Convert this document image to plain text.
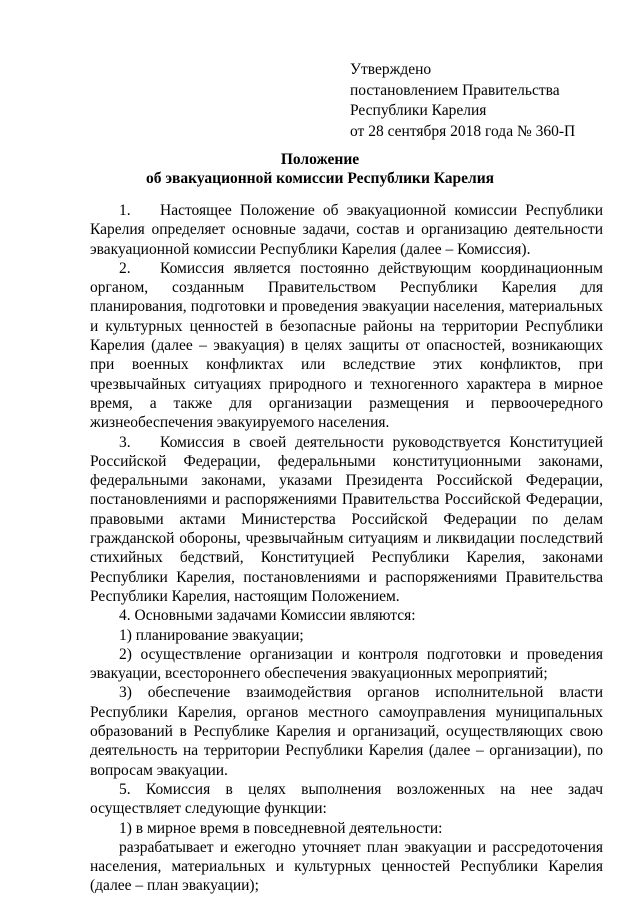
Утверждено
постановлением Правительства
Республики Карелия
от 28 сентября 2018 года № 360-П
Положение
об эвакуационной комиссии Республики Карелия

1. Настоящее Положение об эвакуационной комиссии Республики Карелия определяет основные задачи, состав и организацию деятельности эвакуационной комиссии Республики Карелия (далее – Комиссия).

2. Комиссия является постоянно действующим координационным органом, созданным Правительством Республики Карелия для планирования, подготовки и проведения эвакуации населения, материальных и культурных ценностей в безопасные районы на территории Республики Карелия (далее – эвакуация) в целях защиты от опасностей, возникающих при военных конфликтах или вследствие этих конфликтов, при чрезвычайных ситуациях природного и техногенного характера в мирное время, а также для организации размещения и первоочередного жизнеобеспечения эвакуируемого населения.

3. Комиссия в своей деятельности руководствуется Конституцией Российской Федерации, федеральными конституционными законами, федеральными законами, указами Президента Российской Федерации, постановлениями и распоряжениями Правительства Российской Федерации, правовыми актами Министерства Российской Федерации по делам гражданской обороны, чрезвычайным ситуациям и ликвидации последствий стихийных бедствий, Конституцией Республики Карелия, законами Республики Карелия, постановлениями и распоряжениями Правительства Республики Карелия, настоящим Положением.

4. Основными задачами Комиссии являются:

1) планирование эвакуации;

2) осуществление организации и контроля подготовки и проведения эвакуации, всестороннего обеспечения эвакуационных мероприятий;

3) обеспечение взаимодействия органов исполнительной власти Республики Карелия, органов местного самоуправления муниципальных образований в Республике Карелия и организаций, осуществляющих свою деятельность на территории Республики Карелия (далее – организации), по вопросам эвакуации.

5. Комиссия в целях выполнения возложенных на нее задач осуществляет следующие функции:

1) в мирное время в повседневной деятельности:

разрабатывает и ежегодно уточняет план эвакуации и рассредоточения населения, материальных и культурных ценностей Республики Карелия (далее – план эвакуации);
